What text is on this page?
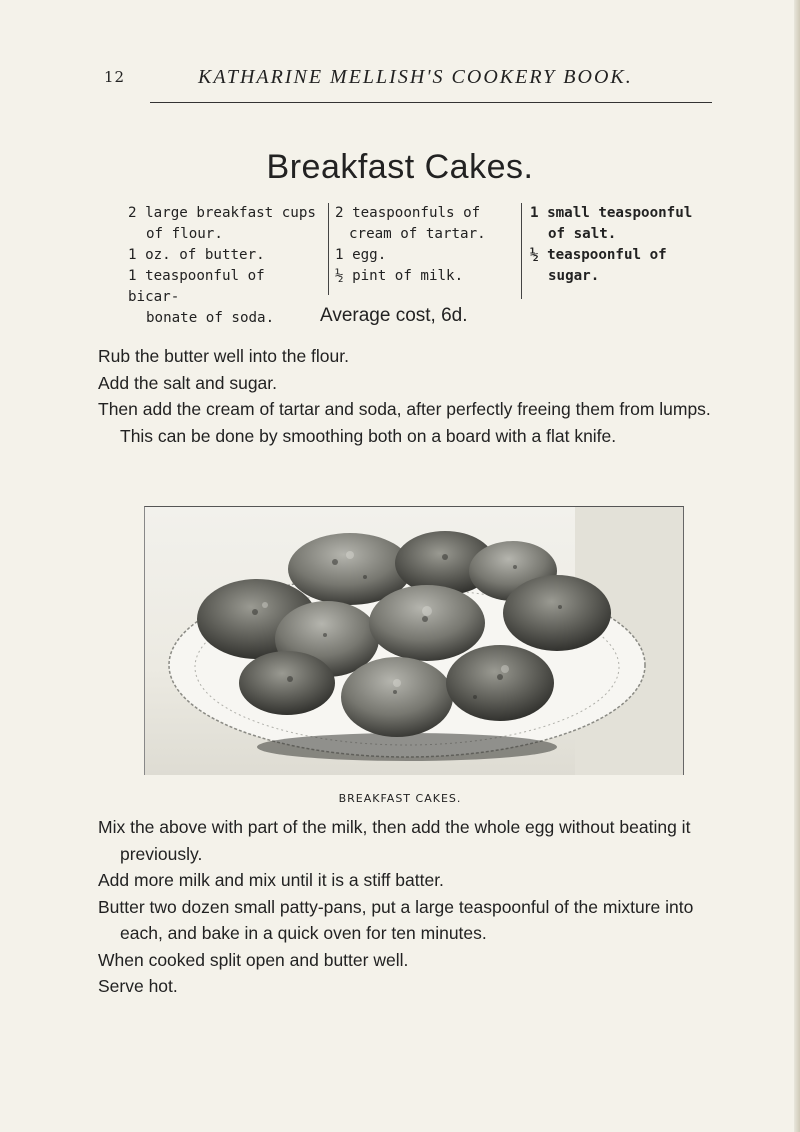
12	KATHARINE MELLISH'S COOKERY BOOK.
Breakfast Cakes.
2 large breakfast cups
of flour.
1 oz. of butter.
1 teaspoonful of bicar-
bonate of soda.
2 teaspoonfuls of
cream of tartar.
1 egg.
½ pint of milk.
1 small teaspoonful
of salt.
½ teaspoonful of
sugar.
Average cost, 6d.

Rub the butter well into the flour.

Add the salt and sugar.

Then add the cream of tartar and soda, after perfectly freeing them from lumps. This can be done by smoothing both on a board with a flat knife.

BREAKFAST CAKES.

Mix the above with part of the milk, then add the whole egg without beating it previously.

Add more milk and mix until it is a stiff batter.

Butter two dozen small patty-pans, put a large teaspoonful of the mixture into each, and bake in a quick oven for ten minutes.

When cooked split open and butter well.

Serve hot.
